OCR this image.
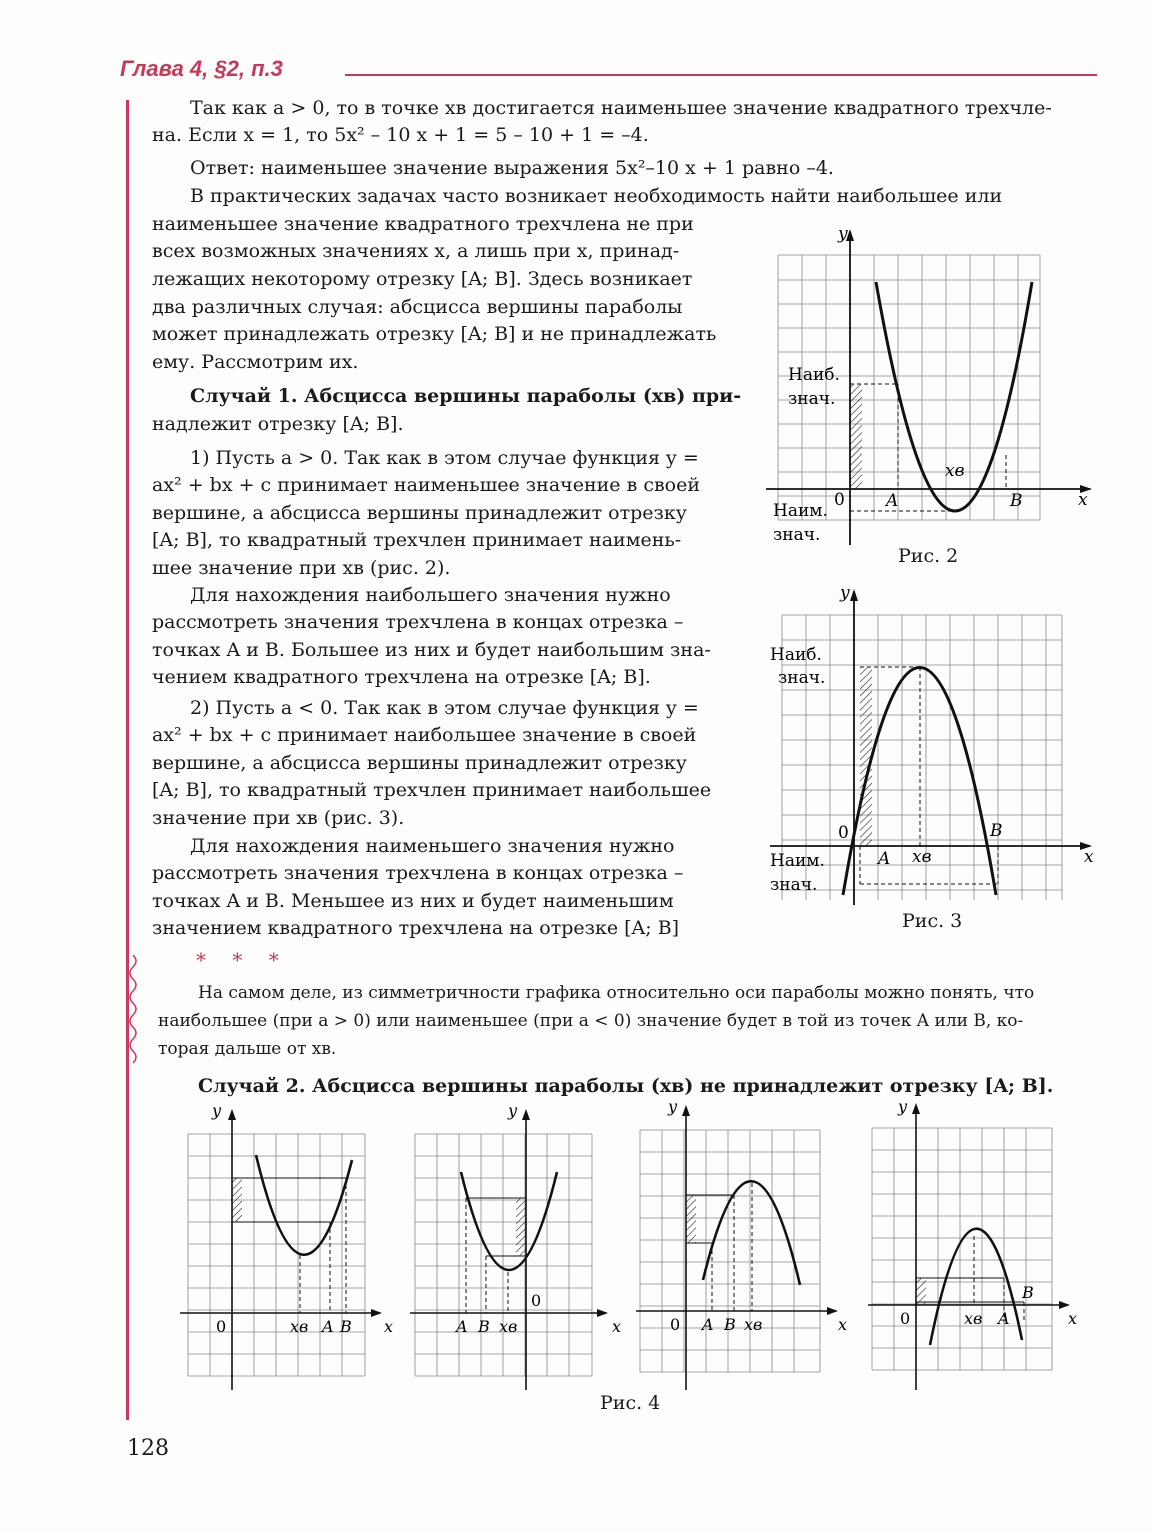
Глава 4, §2, п.3
Так как a > 0, то в точке xв достигается наименьшее значение квадратного трехчле-
на. Если x = 1, то 5x² – 10 x + 1 = 5 – 10 + 1 = –4.
Ответ: наименьшее значение выражения 5x²–10 x + 1 равно –4.
В практических задачах часто возникает необходимость найти наибольшее или
наименьшее значение квадратного трехчлена не при
всех возможных значениях x, а лишь при x, принад-
лежащих некоторому отрезку [A; B]. Здесь возникает
два различных случая: абсцисса вершины параболы
может принадлежать отрезку [A; B] и не принадлежать
ему. Рассмотрим их.
Случай 1. Абсцисса вершины параболы (xв) при-
надлежит отрезку [A; B].
1) Пусть a > 0. Так как в этом случае функция y =
ax² + bx + c принимает наименьшее значение в своей
вершине, а абсцисса вершины принадлежит отрезку
[A; B], то квадратный трехчлен принимает наимень-
шее значение при xв (рис. 2).
Для нахождения наибольшего значения нужно
рассмотреть значения трехчлена в концах отрезка –
точках A и B. Большее из них и будет наибольшим зна-
чением квадратного трехчлена на отрезке [A; B].
2) Пусть a < 0. Так как в этом случае функция y =
ax² + bx + c принимает наибольшее значение в своей
вершине, а абсцисса вершины принадлежит отрезку
[A; B], то квадратный трехчлен принимает наибольшее
значение при xв (рис. 3).
Для нахождения наименьшего значения нужно
рассмотреть значения трехчлена в концах отрезка –
точках A и B. Меньшее из них и будет наименьшим
значением квадратного трехчлена на отрезке [A; B]
* * *
На самом деле, из симметричности графика относительно оси параболы можно понять, что
наибольшее (при a > 0) или наименьшее (при a < 0) значение будет в той из точек A или B, ко-
торая дальше от xв.
Случай 2. Абсцисса вершины параболы (xв) не принадлежит отрезку [A; B].
y
x
0 A	B
xв
Наиб.
знач.
Наим.
знач.
Рис. 2
y
x
0
A
B
xв
Наиб.
знач.
Наим.
знач.
Рис. 3
y
x
0	xв A B
y
x
0
A B xв
y
x
0 A B xв
y
x
0	xв A
B
Рис. 4
128
